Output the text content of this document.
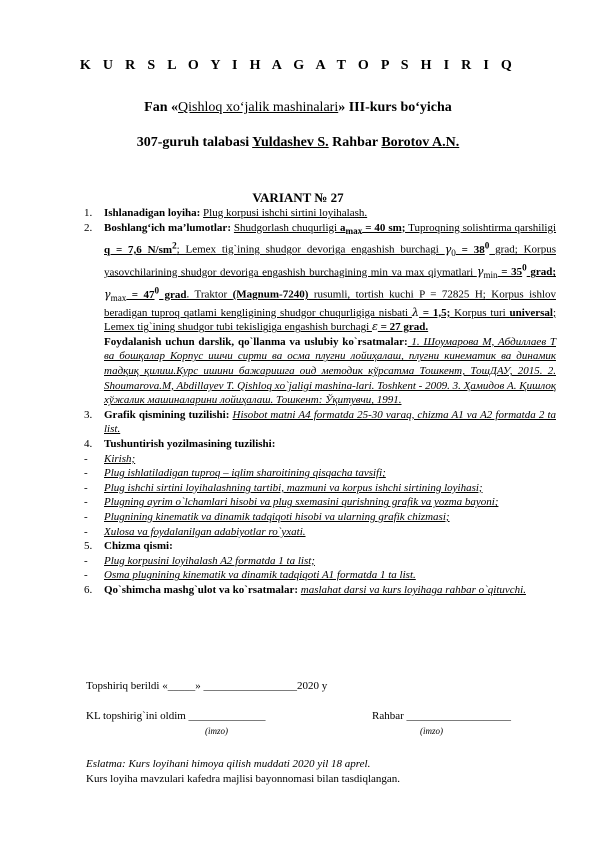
K U R S L O Y I H A G A T O P S H I R I Q
Fan «Qishloq xo‘jalik mashinalari» III-kurs bo‘yicha
307-guruh talabasi Yuldashev S. Rahbar Borotov A.N.
VARIANT № 27

1. Ishlanadigan loyiha: Plug korpusi ishchi sirtini loyihalash.

2. Boshlang‘ich ma’lumotlar: Shudgorlash chuqurligi $a_{max} = 40$ sm; Tuproqning solishtirma qarshiligi q = 7,6 $N/sm^2$; Lemex tig`ining shudgor devoriga engashish burchagi $\gamma_0 = 38^0$ grad; Korpus yasovchilarining shudgor devoriga engashish burchagining min va max qiymatlari $\gamma_{min} = 35^0$ grad; $\gamma_{max} = 47^0$ grad. Traktor (Magnum-7240) rusumli, tortish kuchi P = 72825 H; Korpus ishlov beradigan tuproq qatlami kengligining shudgor chuqurligiga nisbati λ = 1,5; Korpus turi universal; Lemex tig`ining shudgor tubi tekisligiga engashish burchagi ε = 27 grad.

Foydalanish uchun darslik, qo`llanma va uslubiy ko`rsatmalar: 1. Шоумарова М, Абдиллаев Т ва бошқалар Корпус ишчи сирти ва осма плугни лойиҳалаш, плугни кинематик ва динамик тадқиқ қилиш.Курс ишини бажаришга оид методик кўрсатма Тошкент, ТошДАУ, 2015. 2. Shoumarova.M, Abdillayev T. Qishloq xo`jaligi mashina-lari. Toshkent - 2009. 3. Ҳамидов А. Қишлоқ хўжалик машиналарини лойиҳалаш. Тошкент: Ўқитувчи, 1991.

3. Grafik qismining tuzilishi: Hisobot matni A4 formatda 25-30 varaq, chizma A1 va A2 formatda 2 ta list.

4. Tushuntirish yozilmasining tuzilishi:

- Kirish;

- Plug ishlatiladigan tuproq – iqlim sharoitining qisqacha tavsifi;

- Plug ishchi sirtini loyihalashning tartibi, mazmuni va korpus ishchi sirtining loyihasi;

- Plugning ayrim o`lchamlari hisobi va plug sxemasini qurishning grafik va yozma bayoni;

- Plugnining kinematik va dinamik tadqiqoti hisobi va ularning grafik chizmasi;

- Xulosa va foydalanilgan adabiyotlar ro`yxati.

5. Chizma qismi:

- Plug korpusini loyihalash A2 formatda 1 ta list;

- Osma plugnining kinematik va dinamik tadqiqoti A1 formatda 1 ta list.

6. Qo`shimcha mashg`ulot va ko`rsatmalar: maslahat darsi va kurs loyihaga rahbar o`qituvchi.

Topshiriq berildi «_____» _________________2020 y
KL topshirig`ini oldim ______________	Rahbar ___________________
(imzo)	(imzo)
Eslatma: Kurs loyihani himoya qilish muddati 2020 yil 18 aprel.
Kurs loyiha mavzulari kafedra majlisi bayonnomasi bilan tasdiqlangan.
